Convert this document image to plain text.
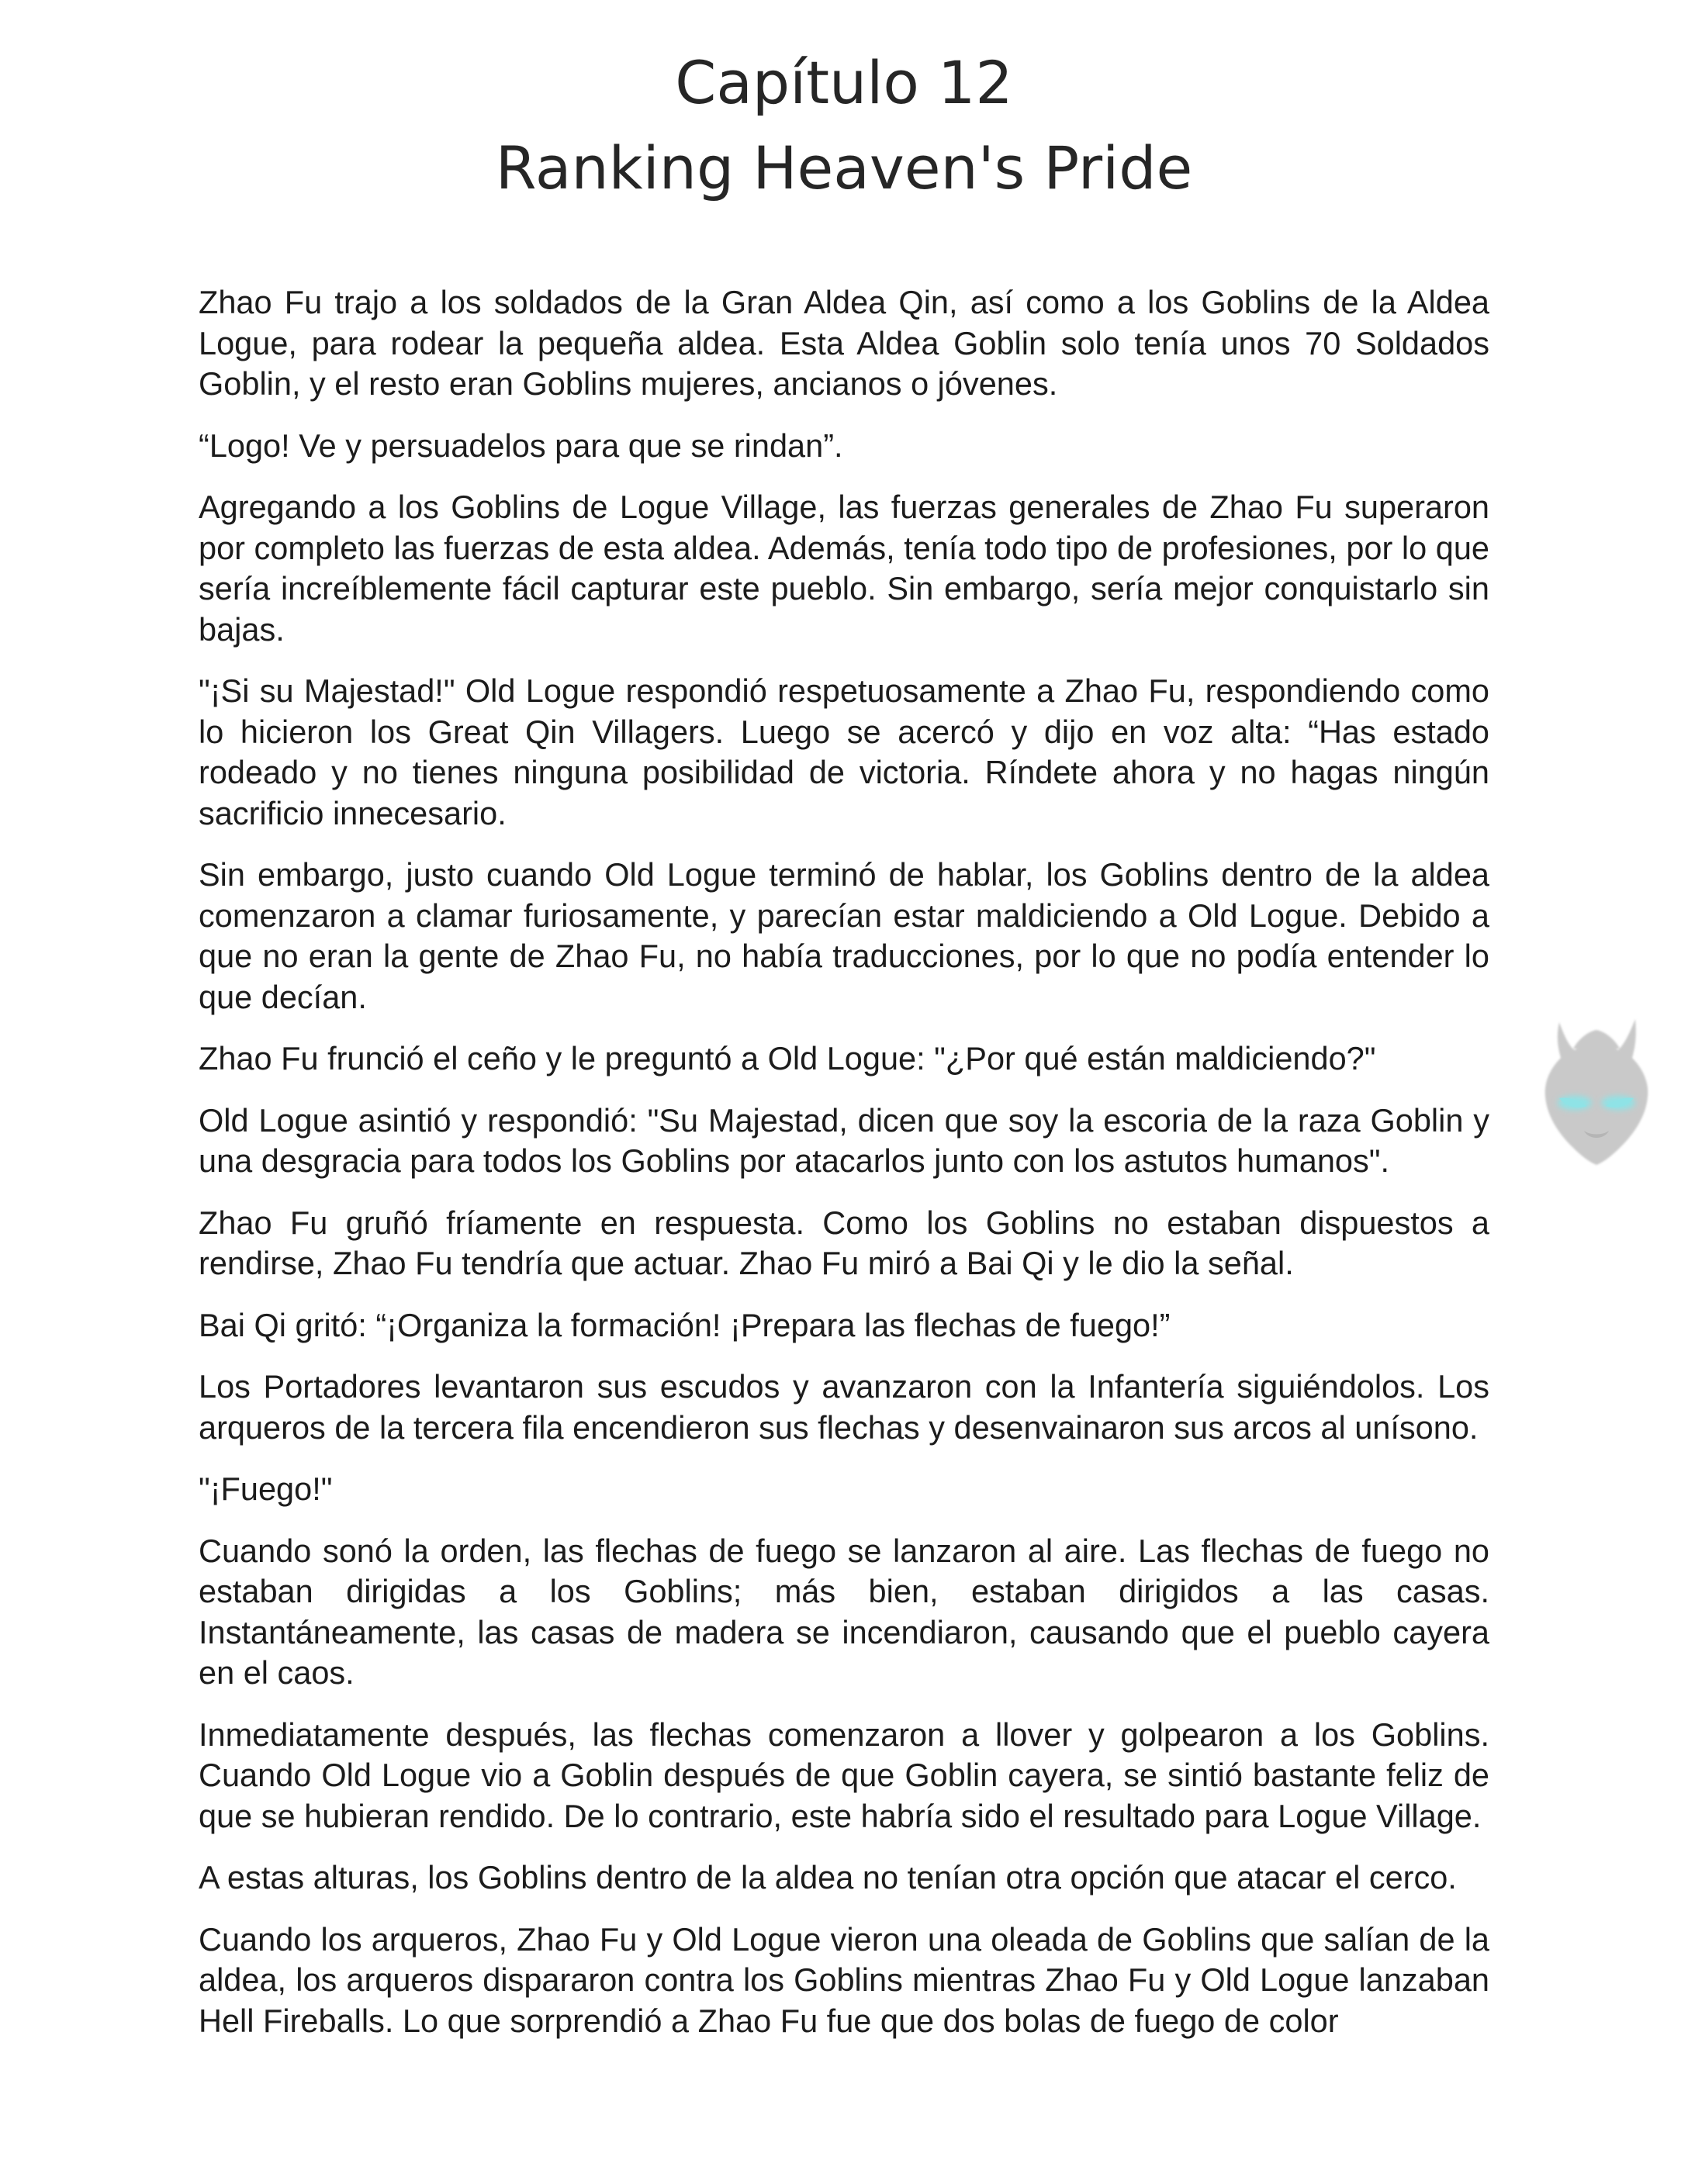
Capítulo 12
Ranking Heaven's Pride

Zhao Fu trajo a los soldados de la Gran Aldea Qin, así como a los Goblins de la Aldea Logue, para rodear la pequeña aldea. Esta Aldea Goblin solo tenía unos 70 Soldados Goblin, y el resto eran Goblins mujeres, ancianos o jóvenes.

“Logo! Ve y persuadelos para que se rindan”.

Agregando a los Goblins de Logue Village, las fuerzas generales de Zhao Fu superaron por completo las fuerzas de esta aldea. Además, tenía todo tipo de profesiones, por lo que sería increíblemente fácil capturar este pueblo. Sin embargo, sería mejor conquistarlo sin bajas.

"¡Si su Majestad!" Old Logue respondió respetuosamente a Zhao Fu, respondiendo como lo hicieron los Great Qin Villagers. Luego se acercó y dijo en voz alta: “Has estado rodeado y no tienes ninguna posibilidad de victoria. Ríndete ahora y no hagas ningún sacrificio innecesario.

Sin embargo, justo cuando Old Logue terminó de hablar, los Goblins dentro de la aldea comenzaron a clamar furiosamente, y parecían estar maldiciendo a Old Logue. Debido a que no eran la gente de Zhao Fu, no había traducciones, por lo que no podía entender lo que decían.

Zhao Fu frunció el ceño y le preguntó a Old Logue: "¿Por qué están maldiciendo?"

Old Logue asintió y respondió: "Su Majestad, dicen que soy la escoria de la raza Goblin y una desgracia para todos los Goblins por atacarlos junto con los astutos humanos".

Zhao Fu gruñó fríamente en respuesta. Como los Goblins no estaban dispuestos a rendirse, Zhao Fu tendría que actuar. Zhao Fu miró a Bai Qi y le dio la señal.

Bai Qi gritó: “¡Organiza la formación! ¡Prepara las flechas de fuego!”

Los Portadores levantaron sus escudos y avanzaron con la Infantería siguiéndolos. Los arqueros de la tercera fila encendieron sus flechas y desenvainaron sus arcos al unísono.

"¡Fuego!"

Cuando sonó la orden, las flechas de fuego se lanzaron al aire. Las flechas de fuego no estaban dirigidas a los Goblins; más bien, estaban dirigidos a las casas. Instantáneamente, las casas de madera se incendiaron, causando que el pueblo cayera en el caos.

Inmediatamente después, las flechas comenzaron a llover y golpearon a los Goblins. Cuando Old Logue vio a Goblin después de que Goblin cayera, se sintió bastante feliz de que se hubieran rendido. De lo contrario, este habría sido el resultado para Logue Village.

A estas alturas, los Goblins dentro de la aldea no tenían otra opción que atacar el cerco.

Cuando los arqueros, Zhao Fu y Old Logue vieron una oleada de Goblins que salían de la aldea, los arqueros dispararon contra los Goblins mientras Zhao Fu y Old Logue lanzaban Hell Fireballs. Lo que sorprendió a Zhao Fu fue que dos bolas de fuego de color
